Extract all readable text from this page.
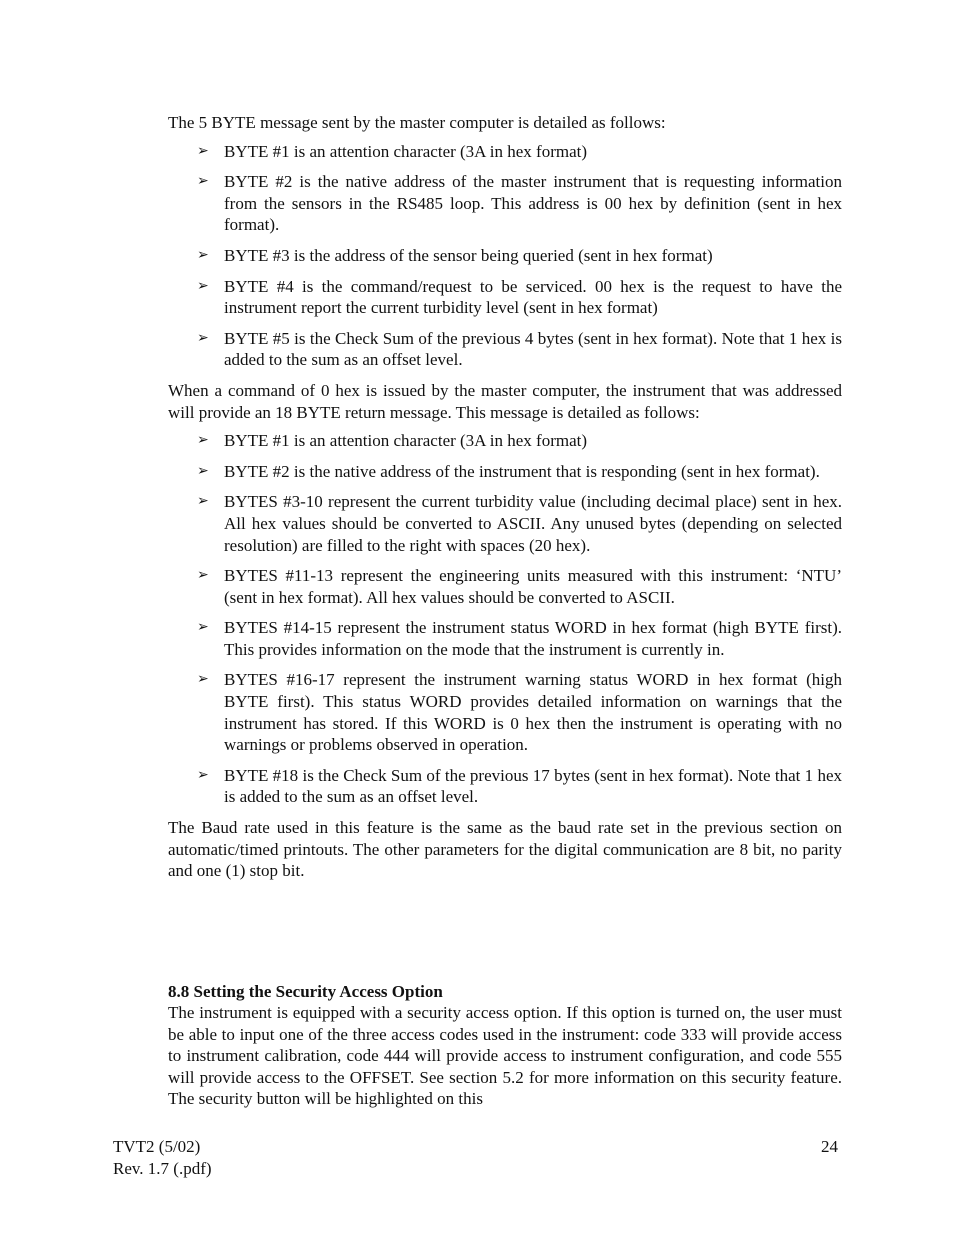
The 5 BYTE message sent by the master computer is detailed as follows:

➢ BYTE #1 is an attention character (3A in hex format)
➢ BYTE #2 is the native address of the master instrument that is requesting information from the sensors in the RS485 loop. This address is 00 hex by definition (sent in hex format).
➢ BYTE #3 is the address of the sensor being queried (sent in hex format)
➢ BYTE #4 is the command/request to be serviced. 00 hex is the request to have the instrument report the current turbidity level (sent in hex format)
➢ BYTE #5 is the Check Sum of the previous 4 bytes (sent in hex format). Note that 1 hex is added to the sum as an offset level.

When a command of 0 hex is issued by the master computer, the instrument that was addressed will provide an 18 BYTE return message. This message is detailed as follows:

➢ BYTE #1 is an attention character (3A in hex format)
➢ BYTE #2 is the native address of the instrument that is responding (sent in hex format).
➢ BYTES #3-10 represent the current turbidity value (including decimal place) sent in hex. All hex values should be converted to ASCII. Any unused bytes (depending on selected resolution) are filled to the right with spaces (20 hex).
➢ BYTES #11-13 represent the engineering units measured with this instrument: ‘NTU’ (sent in hex format). All hex values should be converted to ASCII.
➢ BYTES #14-15 represent the instrument status WORD in hex format (high BYTE first). This provides information on the mode that the instrument is currently in.
➢ BYTES #16-17 represent the instrument warning status WORD in hex format (high BYTE first). This status WORD provides detailed information on warnings that the instrument has stored. If this WORD is 0 hex then the instrument is operating with no warnings or problems observed in operation.
➢ BYTE #18 is the Check Sum of the previous 17 bytes (sent in hex format). Note that 1 hex is added to the sum as an offset level.

The Baud rate used in this feature is the same as the baud rate set in the previous section on automatic/timed printouts. The other parameters for the digital communication are 8 bit, no parity and one (1) stop bit.

8.8 Setting the Security Access Option

The instrument is equipped with a security access option. If this option is turned on, the user must be able to input one of the three access codes used in the instrument: code 333 will provide access to instrument calibration, code 444 will provide access to instrument configuration, and code 555 will provide access to the OFFSET. See section 5.2 for more information on this security feature. The security button will be highlighted on this

TVT2 (5/02)
Rev. 1.7 (.pdf)
24
